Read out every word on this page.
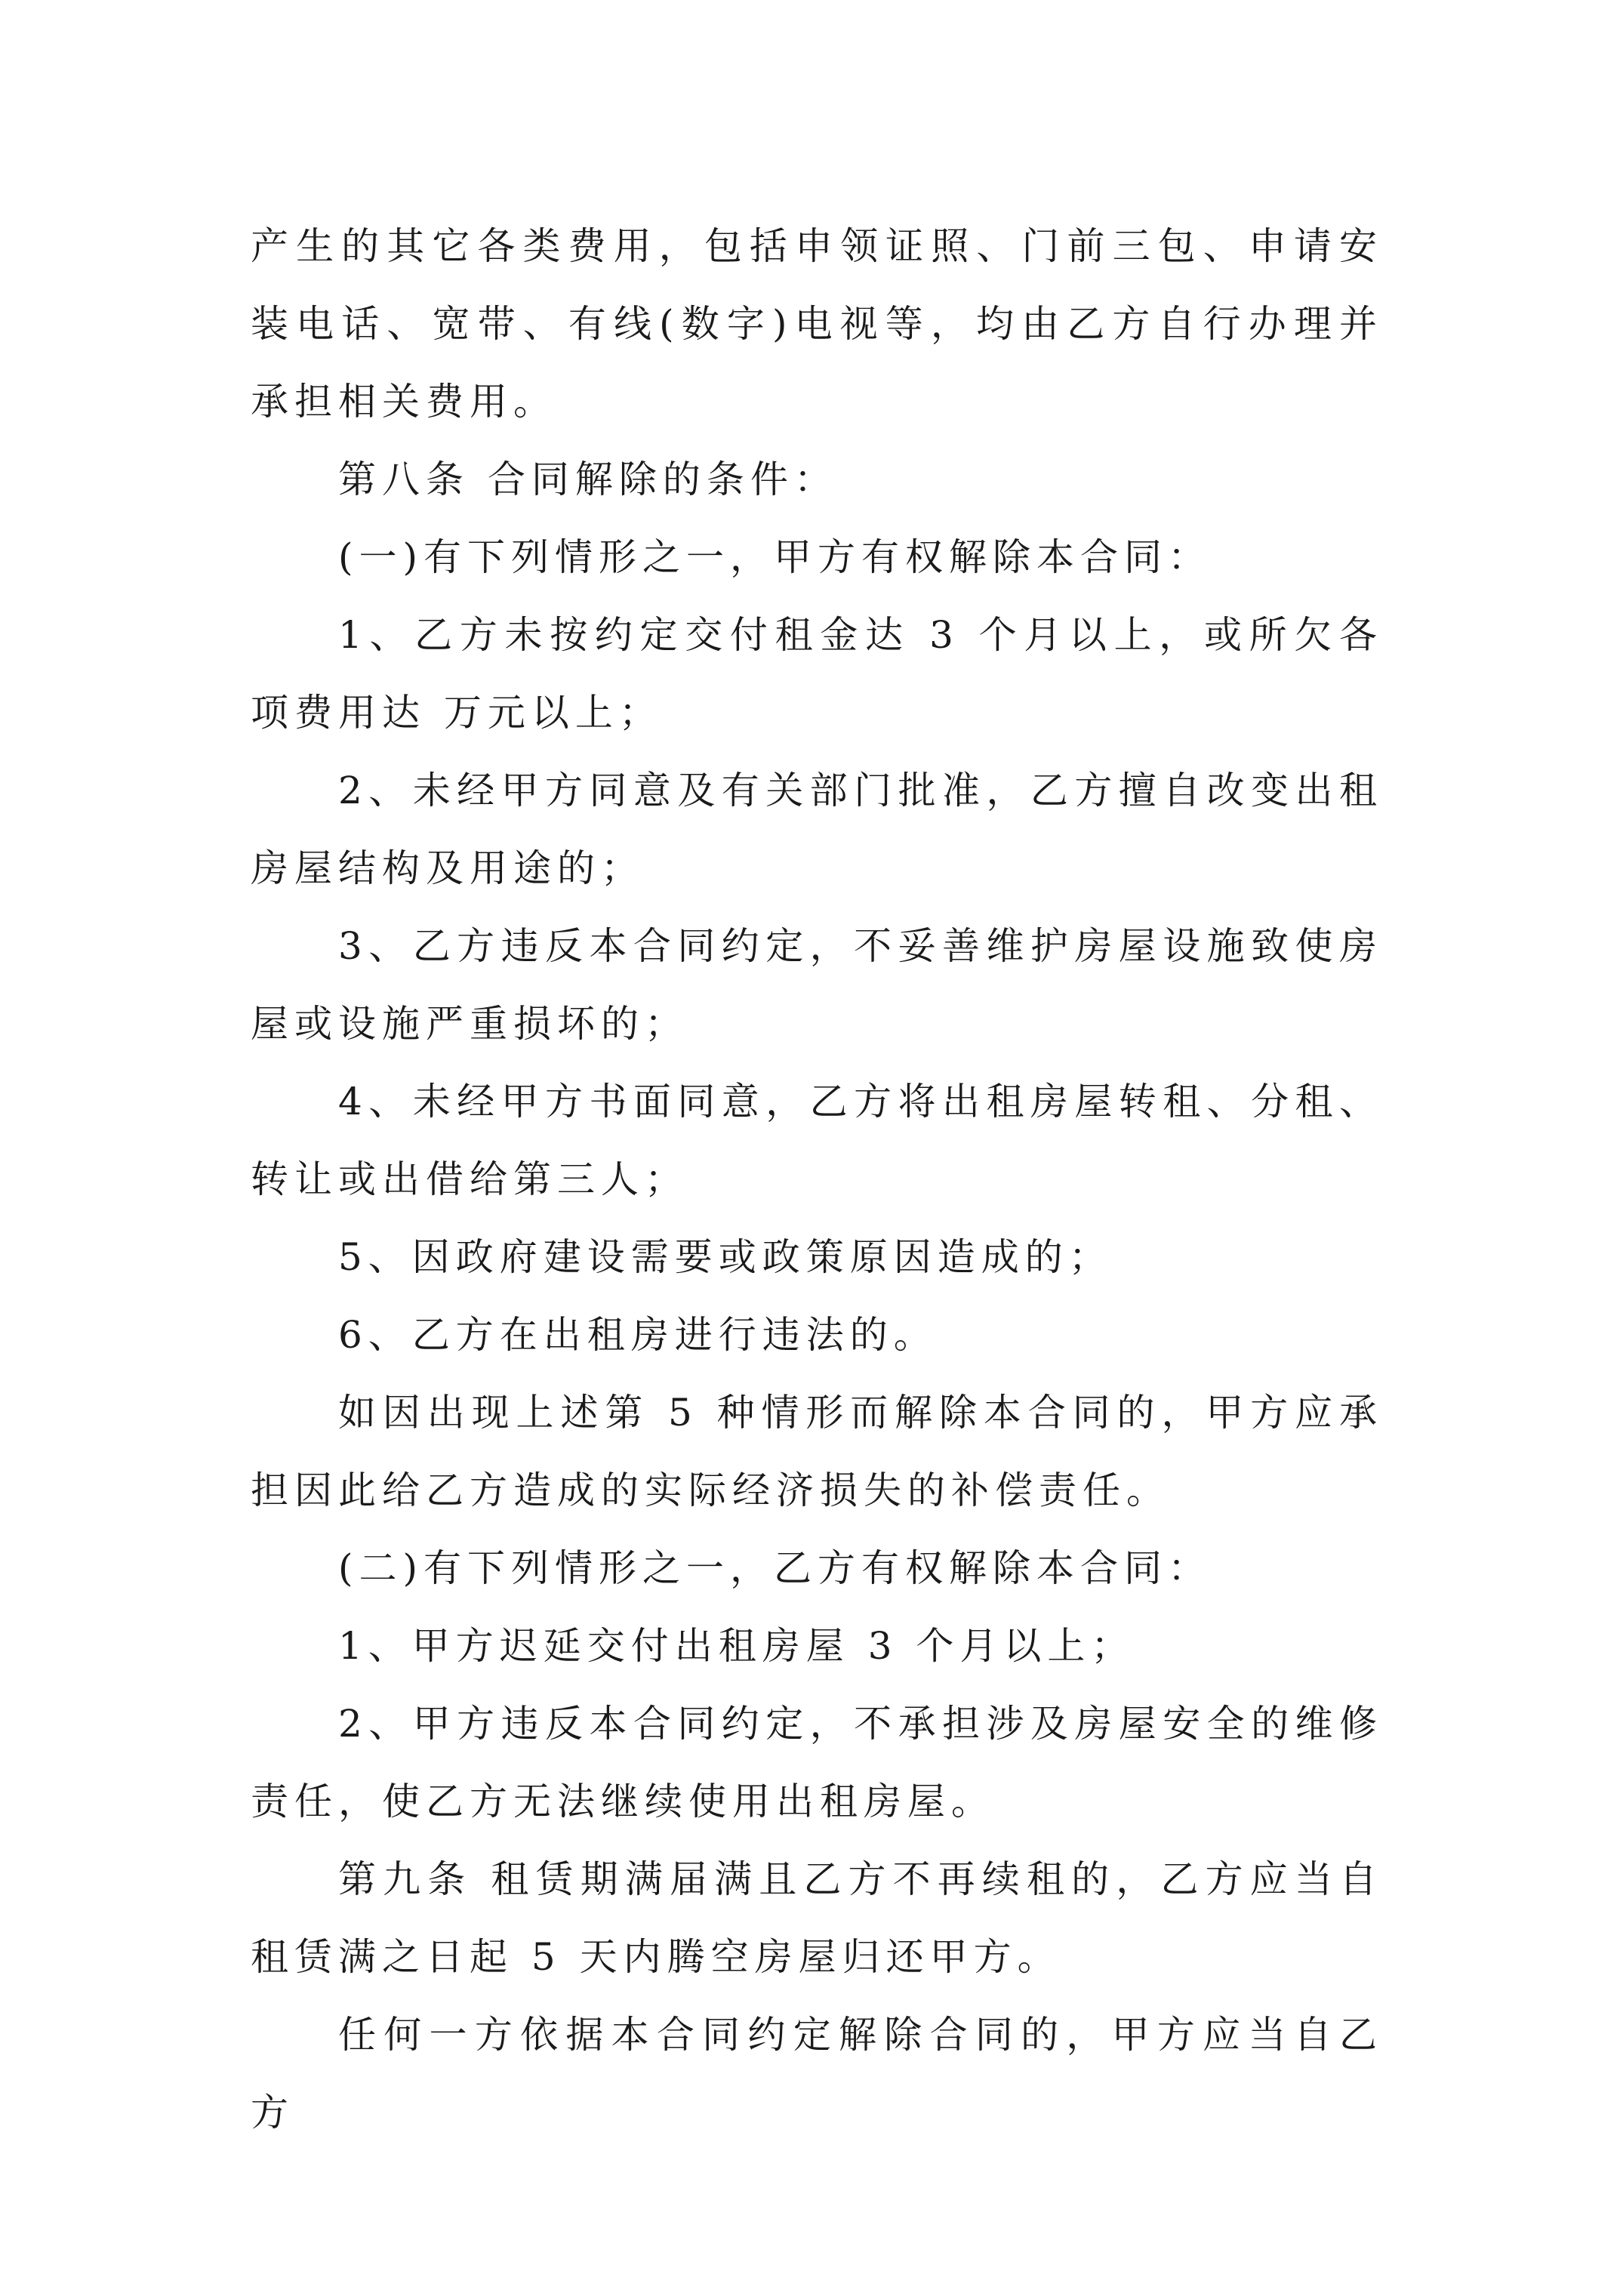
产生的其它各类费用，包括申领证照、门前三包、申请安装电话、宽带、有线(数字)电视等，均由乙方自行办理并承担相关费用。

第八条 合同解除的条件：

(一)有下列情形之一，甲方有权解除本合同：

1、乙方未按约定交付租金达 3 个月以上，或所欠各项费用达 万元以上；

2、未经甲方同意及有关部门批准，乙方擅自改变出租房屋结构及用途的；

3、乙方违反本合同约定，不妥善维护房屋设施致使房屋或设施严重损坏的；

4、未经甲方书面同意，乙方将出租房屋转租、分租、转让或出借给第三人；

5、因政府建设需要或政策原因造成的；

6、乙方在出租房进行违法的。

如因出现上述第 5 种情形而解除本合同的，甲方应承担因此给乙方造成的实际经济损失的补偿责任。

(二)有下列情形之一，乙方有权解除本合同：

1、甲方迟延交付出租房屋 3 个月以上；

2、甲方违反本合同约定，不承担涉及房屋安全的维修责任，使乙方无法继续使用出租房屋。

第九条 租赁期满届满且乙方不再续租的，乙方应当自租赁满之日起 5 天内腾空房屋归还甲方。

任何一方依据本合同约定解除合同的，甲方应当自乙方
